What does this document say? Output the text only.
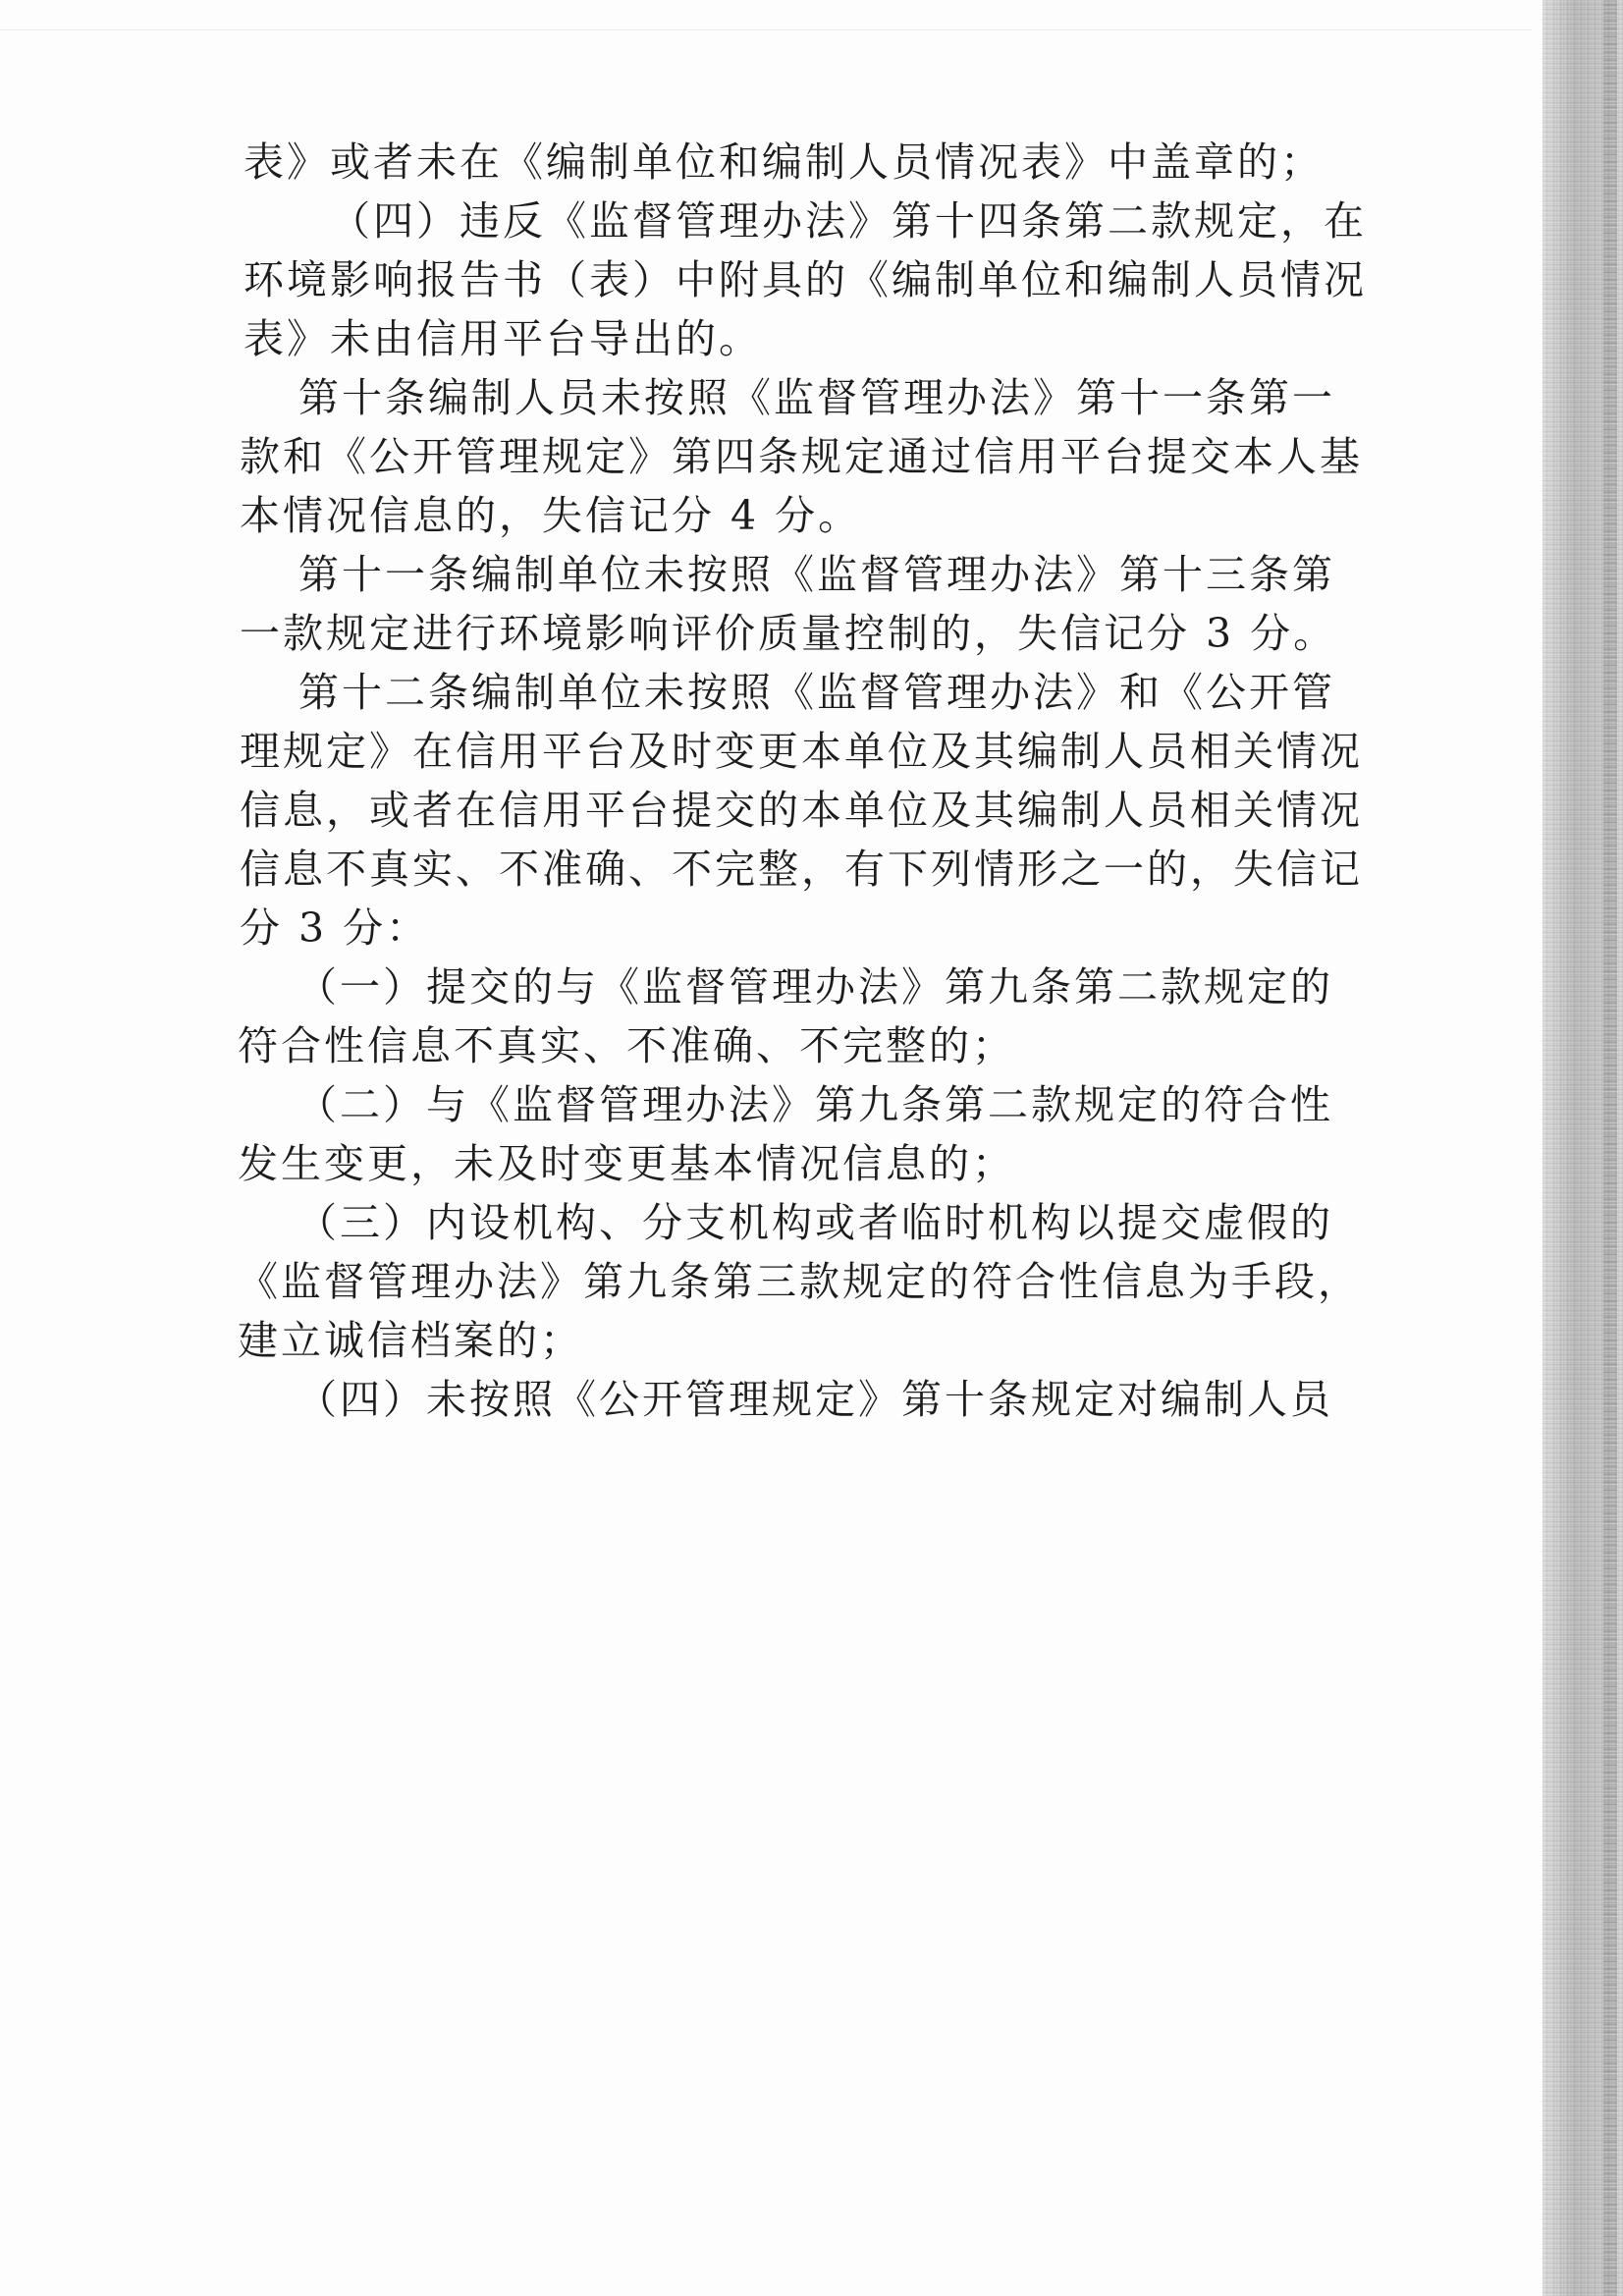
表》或者未在《编制单位和编制人员情况表》中盖章的；
（四）违反《监督管理办法》第十四条第二款规定，在
环境影响报告书（表）中附具的《编制单位和编制人员情况
表》未由信用平台导出的。
第十条编制人员未按照《监督管理办法》第十一条第一
款和《公开管理规定》第四条规定通过信用平台提交本人基
本情况信息的，失信记分 4 分。
第十一条编制单位未按照《监督管理办法》第十三条第
一款规定进行环境影响评价质量控制的，失信记分 3 分。
第十二条编制单位未按照《监督管理办法》和《公开管
理规定》在信用平台及时变更本单位及其编制人员相关情况
信息，或者在信用平台提交的本单位及其编制人员相关情况
信息不真实、不准确、不完整，有下列情形之一的，失信记
分 3 分：
（一）提交的与《监督管理办法》第九条第二款规定的
符合性信息不真实、不准确、不完整的；
（二）与《监督管理办法》第九条第二款规定的符合性
发生变更，未及时变更基本情况信息的；
（三）内设机构、分支机构或者临时机构以提交虚假的
《监督管理办法》第九条第三款规定的符合性信息为手段，
建立诚信档案的；
（四）未按照《公开管理规定》第十条规定对编制人员
